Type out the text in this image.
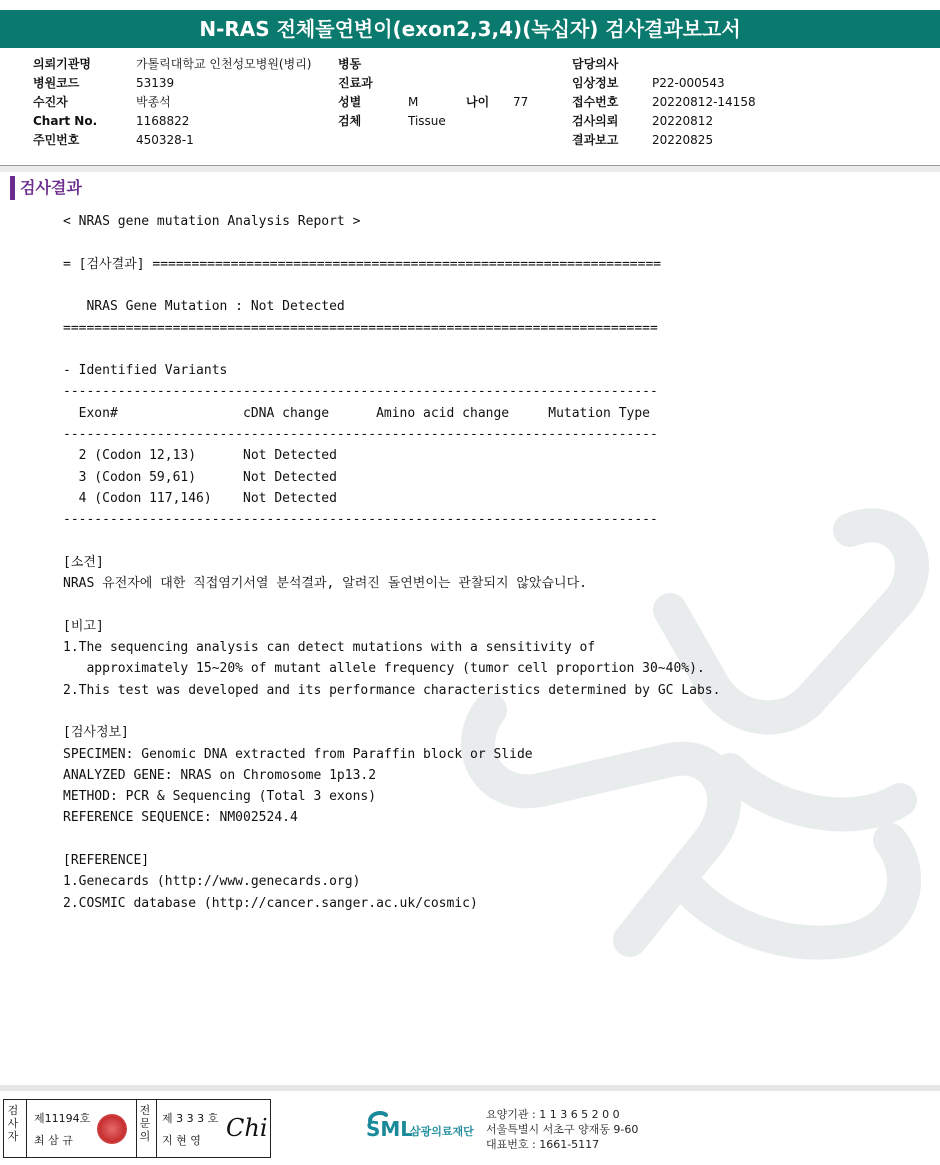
N-RAS 전체돌연변이(exon2,3,4)(녹십자) 검사결과보고서
의뢰기관명
병원코드
수진자
Chart No.
주민번호
가톨릭대학교 인천성모병원(병리)
53139
박종석
1168822
450328-1
병동
진료과
성별
검체

M
Tissue
나이 77
담당의사
임상정보
접수번호
검사의뢰
결과보고

P22-000543
20220812-14158
20220812
20220825
검사결과
< NRAS gene mutation Analysis Report >
= [검사결과] =================================================================
NRAS Gene Mutation : Not Detected
============================================================================
- Identified Variants
----------------------------------------------------------------------------
Exon#                cDNA change      Amino acid change     Mutation Type
----------------------------------------------------------------------------
2 (Codon 12,13)      Not Detected
3 (Codon 59,61)      Not Detected
4 (Codon 117,146)    Not Detected
----------------------------------------------------------------------------
[소견]
NRAS 유전자에 대한 직접염기서열 분석결과, 알려진 돌연변이는 관찰되지 않았습니다.
[비고]
1.The sequencing analysis can detect mutations with a sensitivity of
approximately 15~20% of mutant allele frequency (tumor cell proportion 30~40%).
2.This test was developed and its performance characteristics determined by GC Labs.
[검사정보]
SPECIMEN: Genomic DNA extracted from Paraffin block or Slide
ANALYZED GENE: NRAS on Chromosome 1p13.2
METHOD: PCR & Sequencing (Total 3 exons)
REFERENCE SEQUENCE: NM002524.4
[REFERENCE]
1.Genecards (http://www.genecards.org)
2.COSMIC database (http://cancer.sanger.ac.uk/cosmic)
검사자
제11194호
최 삼 규
전문의
제 3 3 3 호
지 현 영 Chi	SML
삼광의료재단
요양기관 : 1 1 3 6 5 2 0 0
서울특별시 서초구 양재동 9-60
대표번호 : 1661-5117
